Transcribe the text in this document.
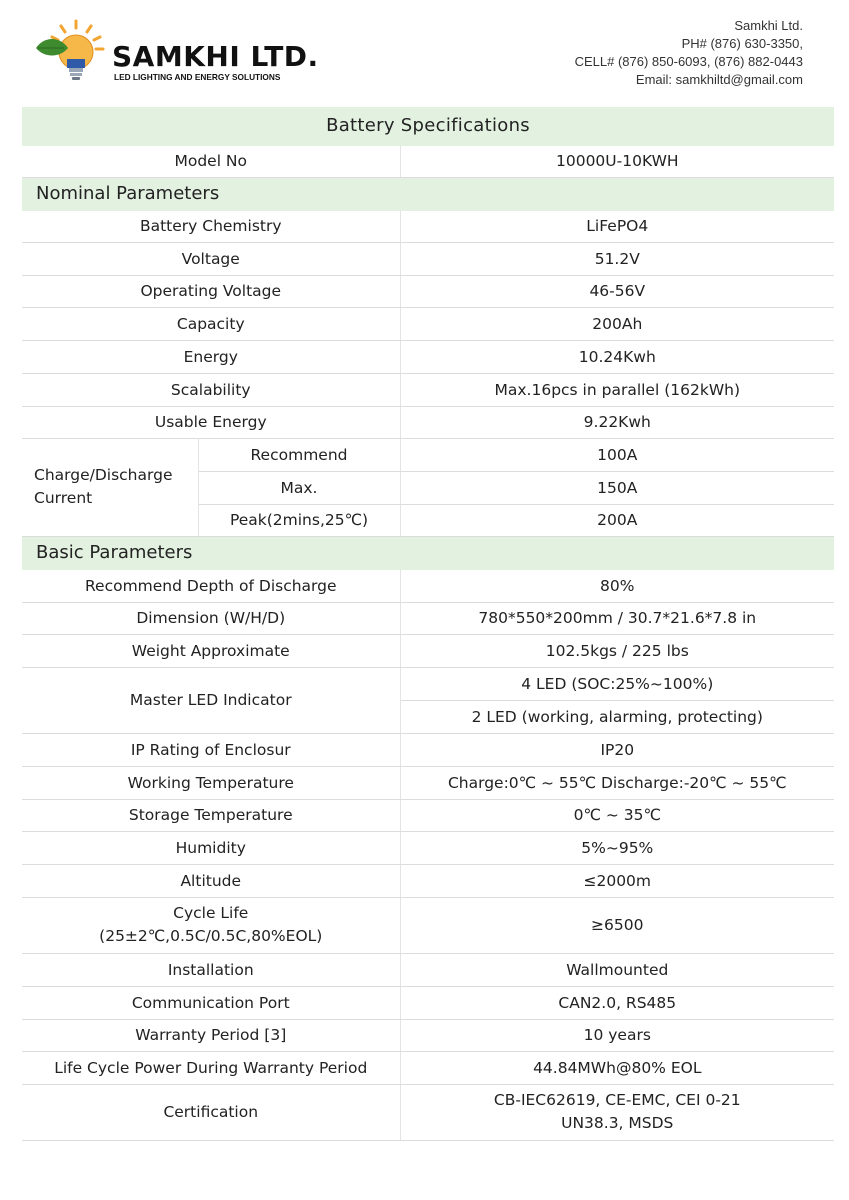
SAMKHI LTD.
LED LIGHTING AND ENERGY SOLUTIONS
Samkhi Ltd.
PH# (876) 630-3350,
CELL# (876) 850-6093, (876) 882-0443
Email: samkhiltd@gmail.com
Battery Specifications		
Model No		10000U-10KWH
Nominal Parameters		
Battery Chemistry		LiFePO4
Voltage		51.2V
Operating Voltage		46-56V
Capacity		200Ah
Energy		10.24Kwh
Scalability		Max.16pcs in parallel (162kWh)
Usable Energy		9.22Kwh
Charge/Discharge Current	Recommend	100A
	Max.	150A
	Peak(2mins,25℃)	200A
Basic Parameters		
Recommend Depth of Discharge		80%
Dimension (W/H/D)		780*550*200mm / 30.7*21.6*7.8 in
Weight Approximate		102.5kgs / 225 lbs
Master LED Indicator		4 LED (SOC:25%~100%)
		2 LED (working, alarming, protecting)
IP Rating of Enclosur		IP20
Working Temperature		Charge:0℃ ~ 55℃ Discharge:-20℃ ~ 55℃
Storage Temperature		0℃ ~ 35℃
Humidity		5%~95%
Altitude		≤2000m

Cycle Life
(25±2℃,0.5C/0.5C,80%EOL)		≥6500
Installation		Wallmounted
Communication Port		CAN2.0, RS485
Warranty Period [3]		10 years
Life Cycle Power During Warranty Period		44.84MWh@80% EOL
Certification		CB-IEC62619, CE-EMC, CEI 0-21
UN38.3, MSDS
